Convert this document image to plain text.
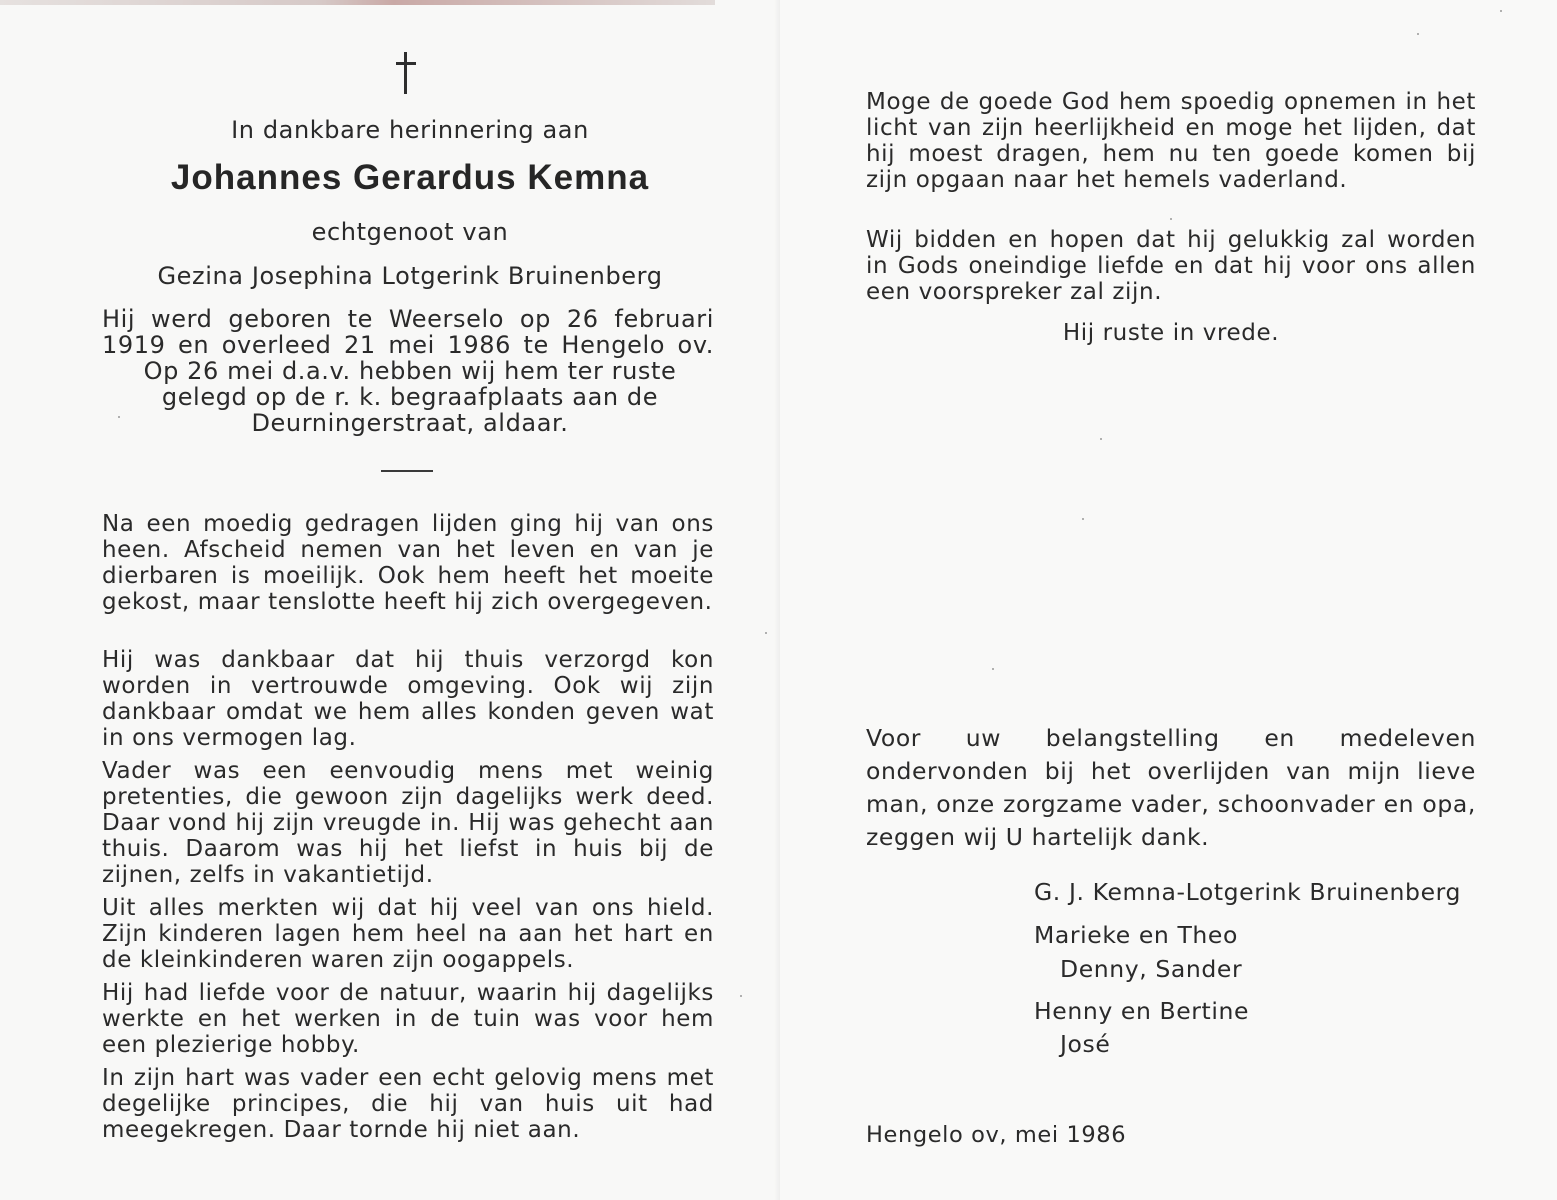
In dankbare herinnering aan

Johannes Gerardus Kemna

echtgenoot van

Gezina Josephina Lotgerink Bruinenberg

Hij werd geboren te Weerselo op 26 februari

1919 en overleed 21 mei 1986 te Hengelo ov.

Op 26 mei d.a.v. hebben wij hem ter ruste

gelegd op de r. k. begraafplaats aan de

Deurningerstraat, aldaar.

Na een moedig gedragen lijden ging hij van ons heen. Afscheid nemen van het leven en van je dierbaren is moeilijk. Ook hem heeft het moeite gekost, maar tenslotte heeft hij zich overgegeven.

Hij was dankbaar dat hij thuis verzorgd kon worden in vertrouwde omgeving. Ook wij zijn dankbaar omdat we hem alles konden geven wat in ons vermogen lag.

Vader was een eenvoudig mens met weinig pretenties, die gewoon zijn dagelijks werk deed. Daar vond hij zijn vreugde in. Hij was gehecht aan thuis. Daarom was hij het liefst in huis bij de zijnen, zelfs in vakantietijd.

Uit alles merkten wij dat hij veel van ons hield. Zijn kinderen lagen hem heel na aan het hart en de kleinkinderen waren zijn oogappels.

Hij had liefde voor de natuur, waarin hij dagelijks werkte en het werken in de tuin was voor hem een plezierige hobby.

In zijn hart was vader een echt gelovig mens met degelijke principes, die hij van huis uit had meegekregen. Daar tornde hij niet aan.

Moge de goede God hem spoedig opnemen in het licht van zijn heerlijkheid en moge het lijden, dat hij moest dragen, hem nu ten goede komen bij zijn opgaan naar het hemels vaderland.

Wij bidden en hopen dat hij gelukkig zal worden in Gods oneindige liefde en dat hij voor ons allen een voorspreker zal zijn.

Hij ruste in vrede.

Voor uw belangstelling en medeleven ondervonden bij het overlijden van mijn lieve man, onze zorgzame vader, schoonvader en opa, zeggen wij U hartelijk dank.

G. J. Kemna-Lotgerink Bruinenberg

Marieke en Theo

Denny, Sander

Henny en Bertine

José

Hengelo ov, mei 1986
